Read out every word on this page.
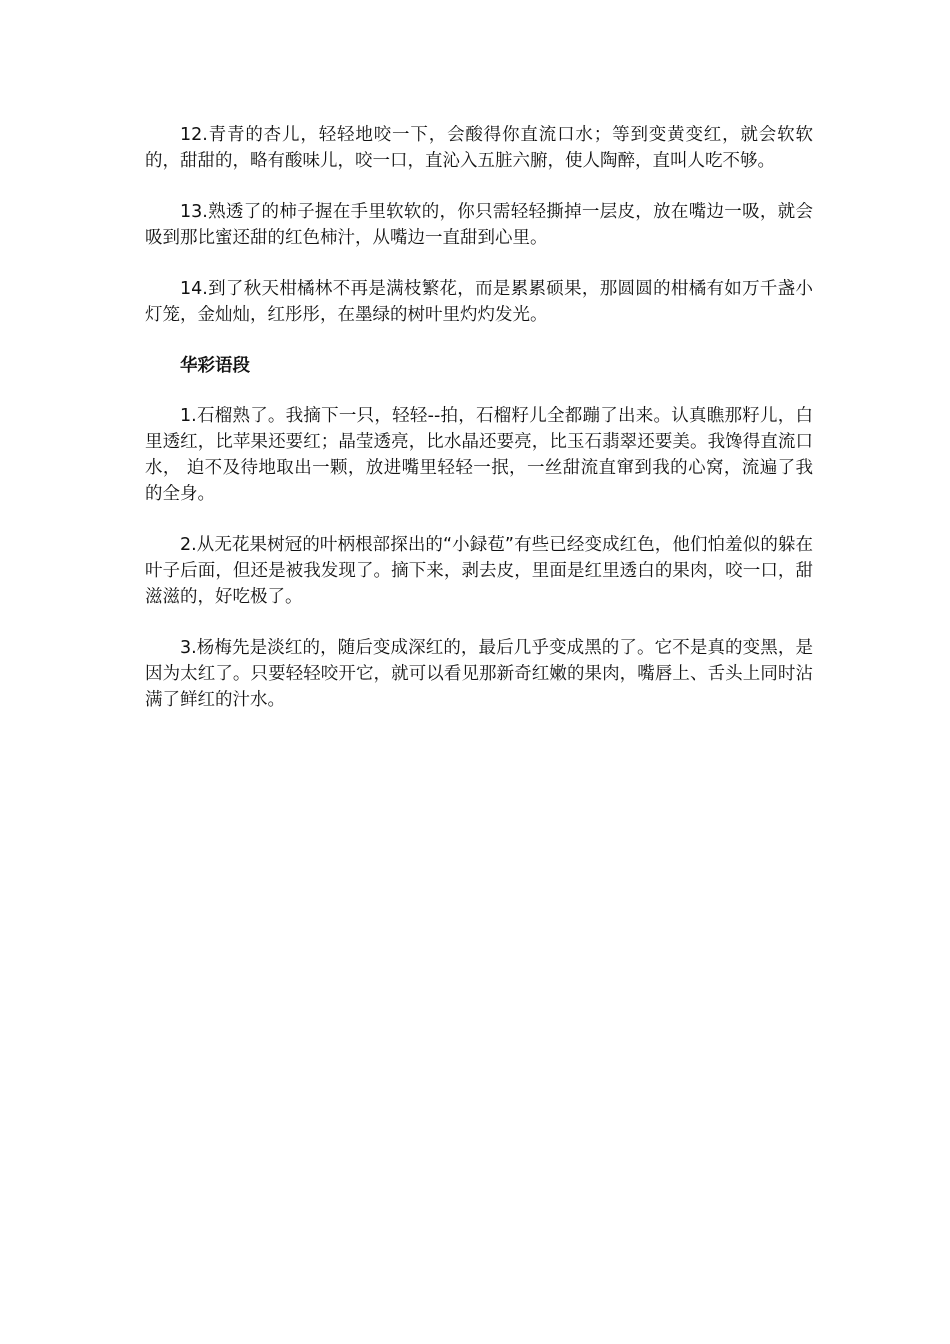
12.青青的杏儿，轻轻地咬一下，会酸得你直流口水；等到变黄变红，就会软软的，甜甜的，略有酸味儿，咬一口，直沁入五脏六腑，使人陶醉，直叫人吃不够。

13.熟透了的柿子握在手里软软的，你只需轻轻撕掉一层皮，放在嘴边一吸，就会吸到那比蜜还甜的红色柿汁，从嘴边一直甜到心里。

14.到了秋天柑橘林不再是满枝繁花，而是累累硕果，那圆圆的柑橘有如万千盏小灯笼，金灿灿，红彤彤，在墨绿的树叶里灼灼发光。

华彩语段

1.石榴熟了。我摘下一只，轻轻--拍，石榴籽儿全都蹦了出来。认真瞧那籽儿，白里透红，比苹果还要红；晶莹透亮，比水晶还要亮，比玉石翡翠还要美。我馋得直流口水， 迫不及待地取出一颗，放进嘴里轻轻一抿，一丝甜流直窜到我的心窝，流遍了我的全身。

2.从无花果树冠的叶柄根部探出的“小録苞”有些已经变成红色，他们怕羞似的躲在叶子后面，但还是被我发现了。摘下来，剥去皮，里面是红里透白的果肉，咬一口，甜滋滋的，好吃极了。

3.杨梅先是淡红的，随后变成深红的，最后几乎变成黑的了。它不是真的变黑，是因为太红了。只要轻轻咬开它，就可以看见那新奇红嫩的果肉，嘴唇上、舌头上同时沾满了鲜红的汁水。
